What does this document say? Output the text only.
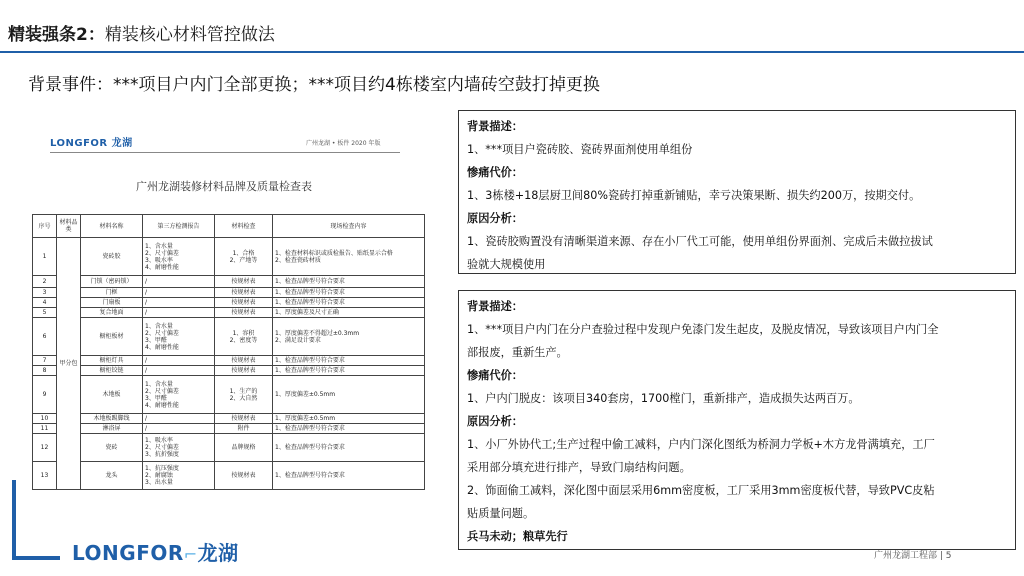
精装强条2：精装核心材料管控做法
背景事件：***项目户内门全部更换；***项目约4栋楼室内墙砖空鼓打掉更换
LONGFOR 龙湖	广州龙湖 • 板件 2020 年版
广州龙湖装修材料品牌及质量检查表
序号	材料品类	材料名称	第三方检测报告	材料检查	现场检查内容
1	甲分包	瓷砖胶	1、含水量
2、尺寸偏差
3、吸水率
4、耐磨性能	1、合格
2、产地等	1、检查材料标识或质检报告、贴纸显示合格
2、检查瓷砖材质
2		门锁（密码锁）	/	按规材表	1、检查品牌型号符合要求
3		门框	/	按规材表	1、检查品牌型号符合要求
4		门扇板	/	按规材表	1、检查品牌型号符合要求
5		复合地面	/	按规材表	1、厚度偏差及尺寸正确
6		橱柜板材	1、含水量
2、尺寸偏差
3、甲醛
4、耐磨性能	1、容积
2、密度等	1、厚度偏差不得超过±0.3mm
2、满足设计要求
7		橱柜灯具	/	按规材表	1、检查品牌型号符合要求
8		橱柜铰链	/	按规材表	1、检查品牌型号符合要求
9		木地板	1、含水量
2、尺寸偏差
3、甲醛
4、耐磨性能	1、生产的
2、大自然	1、厚度偏差±0.5mm
10		木地板踢脚线	/	按规材表	1、厚度偏差±0.5mm
11		淋浴屏	/	附件	1、检查品牌型号符合要求
12		瓷砖	1、吸水率
2、尺寸偏差
3、抗折强度	品牌规格	1、检查品牌型号符合要求
13		龙头	1、抗压强度
2、耐腐蚀
3、出水量	按规材表	1、检查品牌型号符合要求
LONGFOR⌐龙湖
背景描述：
1、***项目户瓷砖胶、瓷砖界面剂使用单组份
惨痛代价：
1、3栋楼+18层厨卫间80%瓷砖打掉重新铺贴，幸亏决策果断、损失约200万，按期交付。
原因分析：
1、瓷砖胶购置没有清晰渠道来源、存在小厂代工可能，使用单组份界面剂、完成后未做拉拔试
验就大规模使用
背景描述：
1、***项目户内门在分户查验过程中发现户免漆门发生起皮，及脱皮情况，导致该项目户内门全
部报废，重新生产。
惨痛代价：
1、户内门脱皮：该项目340套房，1700樘门，重新排产，造成损失达两百万。
原因分析：
1、小厂外协代工;生产过程中偷工减料，户内门深化图纸为桥洞力学板+木方龙骨满填充，工厂
采用部分填充进行排产，导致门扇结构问题。
2、饰面偷工减料，深化图中面层采用6mm密度板，工厂采用3mm密度板代替，导致PVC皮粘
贴质量问题。
兵马未动；粮草先行
广州龙湖工程部 | 5
